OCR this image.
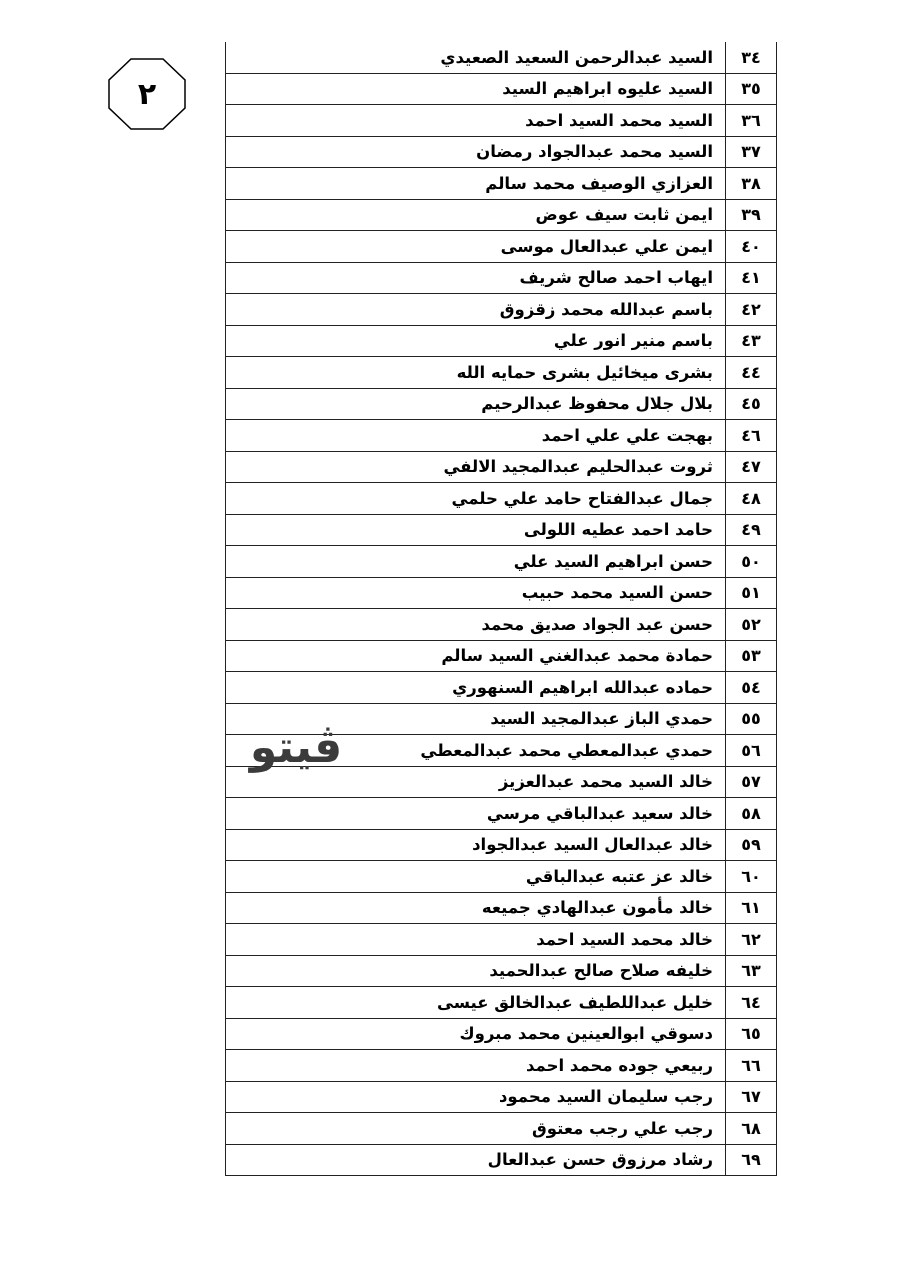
٢
٣٤	السيد عبدالرحمن السعيد الصعيدي
٣٥	السيد عليوه ابراهيم السيد
٣٦	السيد محمد السيد احمد
٣٧	السيد محمد عبدالجواد رمضان
٣٨	العزازي الوصيف محمد سالم
٣٩	ايمن ثابت سيف عوض
٤٠	ايمن علي عبدالعال موسى
٤١	ايهاب احمد صالح شريف
٤٢	باسم عبدالله محمد زقزوق
٤٣	باسم منير انور علي
٤٤	بشرى ميخائيل بشرى حمايه الله
٤٥	بلال جلال محفوظ عبدالرحيم
٤٦	بهجت علي علي احمد
٤٧	ثروت عبدالحليم عبدالمجيد الالفي
٤٨	جمال عبدالفتاح حامد علي حلمي
٤٩	حامد احمد عطيه اللولى
٥٠	حسن ابراهيم السيد علي
٥١	حسن السيد محمد حبيب
٥٢	حسن عبد الجواد صديق محمد
٥٣	حمادة محمد عبدالغني السيد سالم
٥٤	حماده عبدالله ابراهيم السنهوري
٥٥	حمدي الباز عبدالمجيد السيد
٥٦	حمدي عبدالمعطي محمد عبدالمعطي
٥٧	خالد السيد محمد عبدالعزيز
٥٨	خالد سعيد عبدالباقي مرسي
٥٩	خالد عبدالعال السيد عبدالجواد
٦٠	خالد عز عتبه عبدالباقي
٦١	خالد مأمون عبدالهادي جميعه
٦٢	خالد محمد السيد احمد
٦٣	خليفه صلاح صالح عبدالحميد
٦٤	خليل عبداللطيف عبدالخالق عيسى
٦٥	دسوقي ابوالعينين محمد مبروك
٦٦	ربيعي جوده محمد احمد
٦٧	رجب سليمان السيد محمود
٦٨	رجب علي رجب معتوق
٦٩	رشاد مرزوق حسن عبدالعال
ڤيتو
